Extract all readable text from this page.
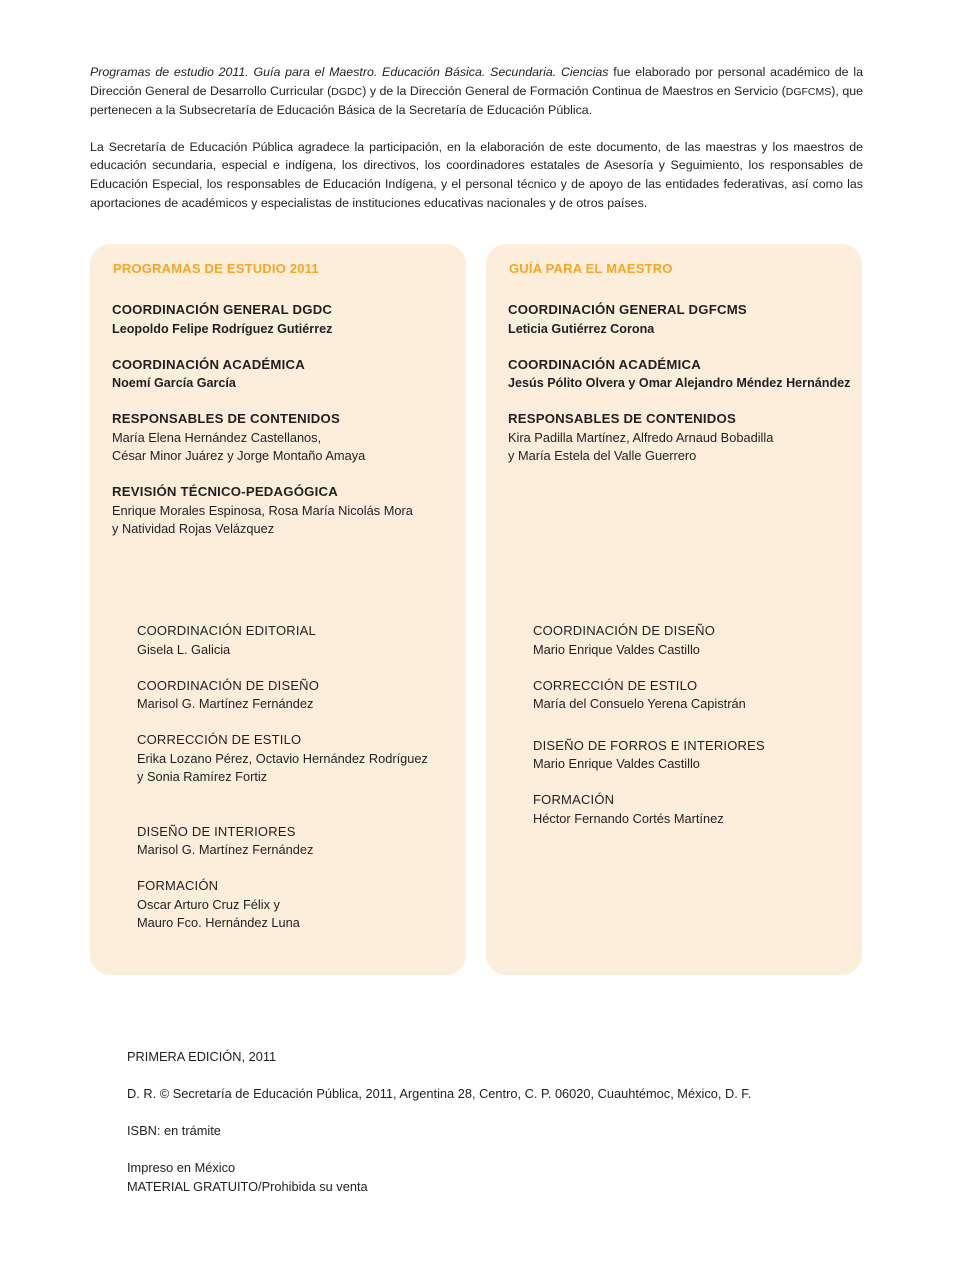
Programas de estudio 2011. Guía para el Maestro. Educación Básica. Secundaria. Ciencias fue elaborado por personal académico de la Dirección General de Desarrollo Curricular (DGDC) y de la Dirección General de Formación Continua de Maestros en Servicio (DGFCMS), que pertenecen a la Subsecretaría de Educación Básica de la Secretaría de Educación Pública.

La Secretaría de Educación Pública agradece la participación, en la elaboración de este documento, de las maestras y los maestros de educación secundaria, especial e indígena, los directivos, los coordinadores estatales de Asesoría y Seguimiento, los responsables de Educación Especial, los responsables de Educación Indígena, y el personal técnico y de apoyo de las entidades federativas, así como las aportaciones de académicos y especialistas de instituciones educativas nacionales y de otros países.

PROGRAMAS DE ESTUDIO 2011
COORDINACIÓN GENERAL DGDC
Leopoldo Felipe Rodríguez Gutiérrez
COORDINACIÓN ACADÉMICA
Noemí García García
RESPONSABLES DE CONTENIDOS
María Elena Hernández Castellanos,
César Minor Juárez y Jorge Montaño Amaya
REVISIÓN TÉCNICO-PEDAGÓGICA
Enrique Morales Espinosa, Rosa María Nicolás Mora
y Natividad Rojas Velázquez
COORDINACIÓN EDITORIAL
Gisela L. Galicia
COORDINACIÓN DE DISEÑO
Marisol G. Martínez Fernández
CORRECCIÓN DE ESTILO
Erika Lozano Pérez, Octavio Hernández Rodríguez
y Sonia Ramírez Fortiz
DISEÑO DE INTERIORES
Marisol G. Martínez Fernández
FORMACIÓN
Oscar Arturo Cruz Félix y
Mauro Fco. Hernández Luna
GUÍA PARA EL MAESTRO
COORDINACIÓN GENERAL DGFCMS
Leticia Gutiérrez Corona
COORDINACIÓN ACADÉMICA
Jesús Pólito Olvera y Omar Alejandro Méndez Hernández
RESPONSABLES DE CONTENIDOS
Kira Padilla Martínez, Alfredo Arnaud Bobadilla
y María Estela del Valle Guerrero
COORDINACIÓN DE DISEÑO
Mario Enrique Valdes Castillo
CORRECCIÓN DE ESTILO
María del Consuelo Yerena Capistrán
DISEÑO DE FORROS E INTERIORES
Mario Enrique Valdes Castillo
FORMACIÓN
Héctor Fernando Cortés Martínez
PRIMERA EDICIÓN, 2011
D. R. © Secretaría de Educación Pública, 2011, Argentina 28, Centro, C. P. 06020, Cuauhtémoc, México, D. F.
ISBN: en trámite
Impreso en México
MATERIAL GRATUITO/Prohibida su venta
